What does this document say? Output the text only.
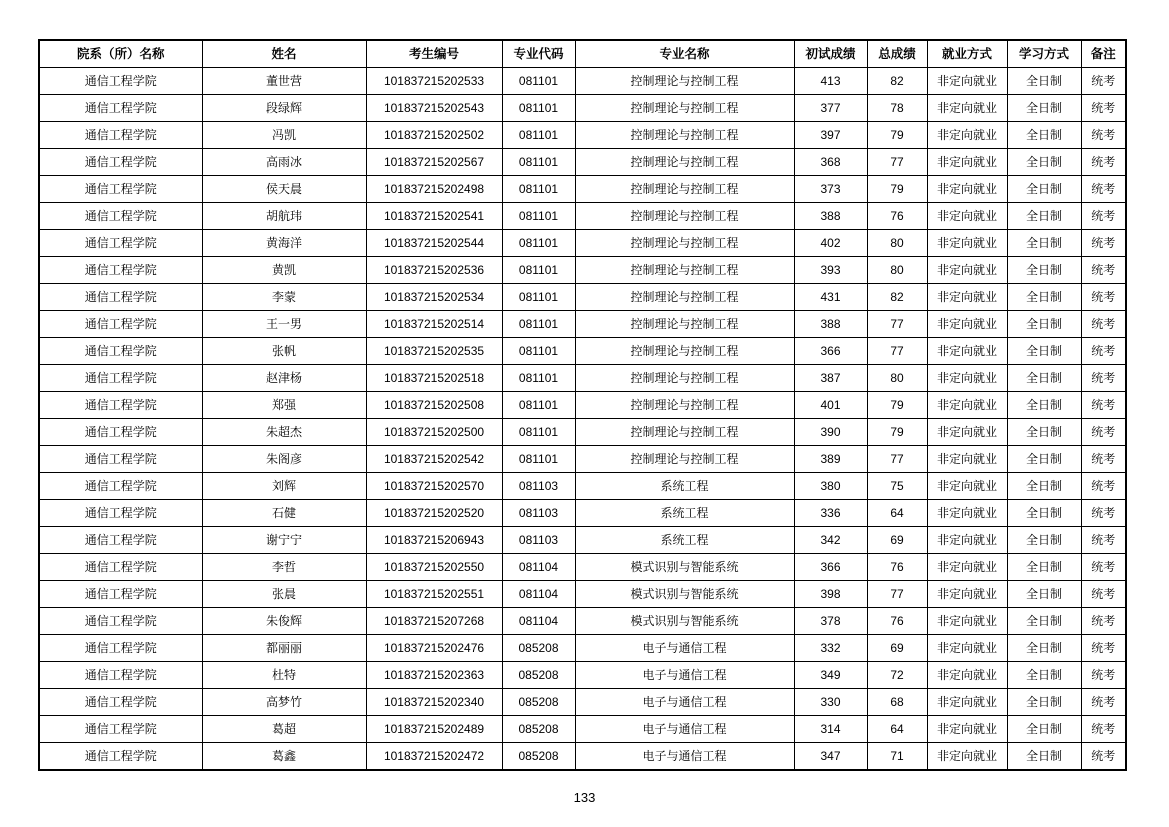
院系（所）名称	姓名	考生编号	专业代码	专业名称	初试成绩	总成绩	就业方式	学习方式	备注
通信工程学院	董世营	101837215202533	081101	控制理论与控制工程	413	82	非定向就业	全日制	统考
通信工程学院	段绿辉	101837215202543	081101	控制理论与控制工程	377	78	非定向就业	全日制	统考
通信工程学院	冯凯	101837215202502	081101	控制理论与控制工程	397	79	非定向就业	全日制	统考
通信工程学院	高雨冰	101837215202567	081101	控制理论与控制工程	368	77	非定向就业	全日制	统考
通信工程学院	侯天晨	101837215202498	081101	控制理论与控制工程	373	79	非定向就业	全日制	统考
通信工程学院	胡航玮	101837215202541	081101	控制理论与控制工程	388	76	非定向就业	全日制	统考
通信工程学院	黄海洋	101837215202544	081101	控制理论与控制工程	402	80	非定向就业	全日制	统考
通信工程学院	黄凯	101837215202536	081101	控制理论与控制工程	393	80	非定向就业	全日制	统考
通信工程学院	李蒙	101837215202534	081101	控制理论与控制工程	431	82	非定向就业	全日制	统考
通信工程学院	王一男	101837215202514	081101	控制理论与控制工程	388	77	非定向就业	全日制	统考
通信工程学院	张帆	101837215202535	081101	控制理论与控制工程	366	77	非定向就业	全日制	统考
通信工程学院	赵津杨	101837215202518	081101	控制理论与控制工程	387	80	非定向就业	全日制	统考
通信工程学院	郑强	101837215202508	081101	控制理论与控制工程	401	79	非定向就业	全日制	统考
通信工程学院	朱超杰	101837215202500	081101	控制理论与控制工程	390	79	非定向就业	全日制	统考
通信工程学院	朱阁彦	101837215202542	081101	控制理论与控制工程	389	77	非定向就业	全日制	统考
通信工程学院	刘辉	101837215202570	081103	系统工程	380	75	非定向就业	全日制	统考
通信工程学院	石健	101837215202520	081103	系统工程	336	64	非定向就业	全日制	统考
通信工程学院	谢宁宁	101837215206943	081103	系统工程	342	69	非定向就业	全日制	统考
通信工程学院	李哲	101837215202550	081104	模式识别与智能系统	366	76	非定向就业	全日制	统考
通信工程学院	张晨	101837215202551	081104	模式识别与智能系统	398	77	非定向就业	全日制	统考
通信工程学院	朱俊辉	101837215207268	081104	模式识别与智能系统	378	76	非定向就业	全日制	统考
通信工程学院	都丽丽	101837215202476	085208	电子与通信工程	332	69	非定向就业	全日制	统考
通信工程学院	杜特	101837215202363	085208	电子与通信工程	349	72	非定向就业	全日制	统考
通信工程学院	高梦竹	101837215202340	085208	电子与通信工程	330	68	非定向就业	全日制	统考
通信工程学院	葛超	101837215202489	085208	电子与通信工程	314	64	非定向就业	全日制	统考
通信工程学院	葛鑫	101837215202472	085208	电子与通信工程	347	71	非定向就业	全日制	统考
133
